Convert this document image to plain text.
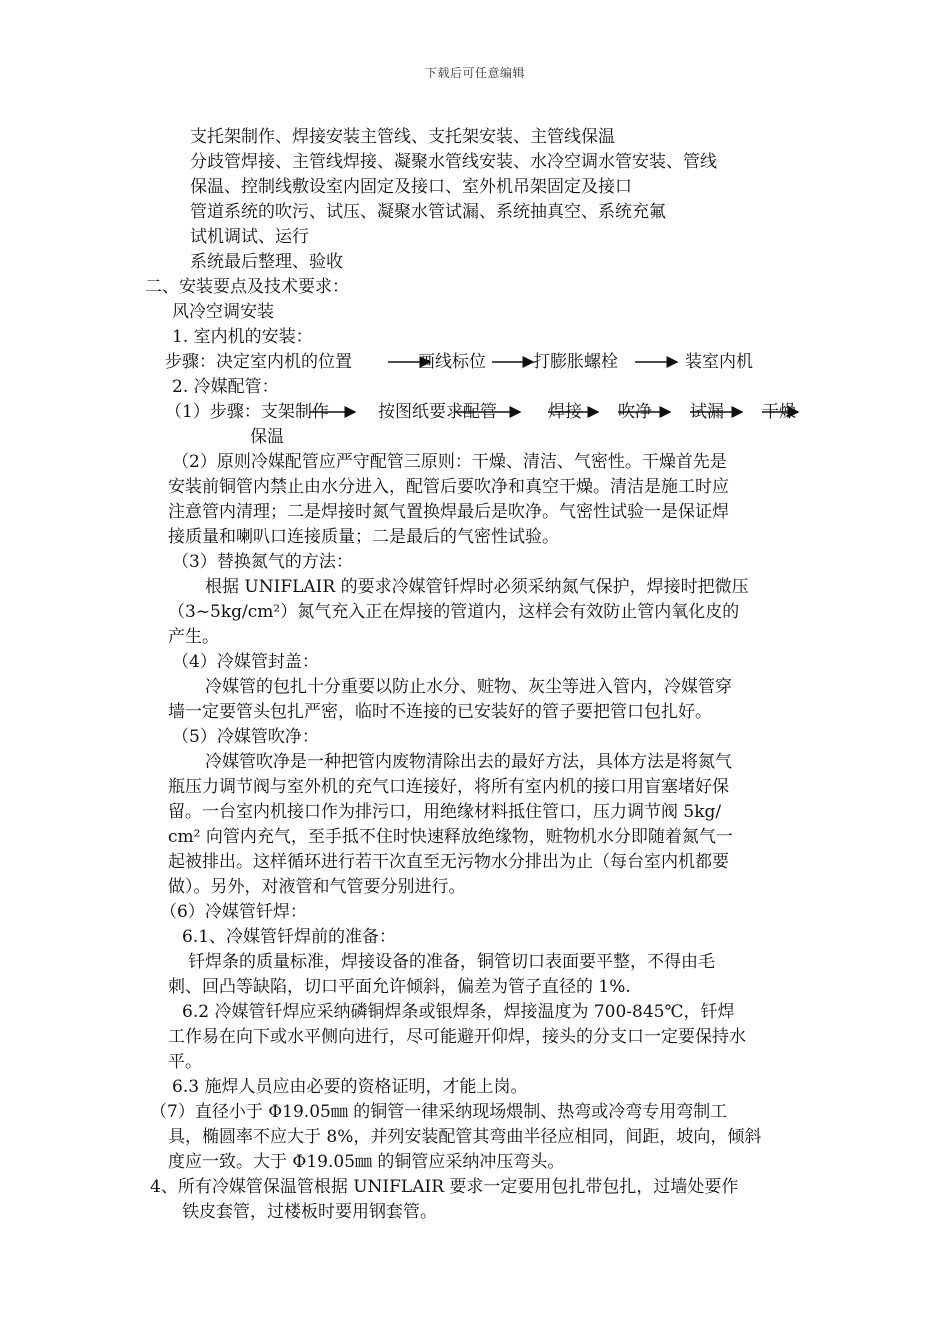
下载后可任意编辑
支托架制作、焊接安装主管线、支托架安装、主管线保温
分歧管焊接、主管线焊接、凝聚水管线安装、水冷空调水管安装、管线
保温、控制线敷设室内固定及接口、室外机吊架固定及接口
管道系统的吹污、试压、凝聚水管试漏、系统抽真空、系统充氟
试机调试、运行
系统最后整理、验收
二、安装要点及技术要求：
风冷空调安装
1. 室内机的安装：
步骤：决定室内机的位置	画线标位	打膨胀螺栓	装室内机
2. 冷媒配管：
（1）步骤：支架制作	按图纸要求配管	焊接 吹净 试漏 干燥
保温
（2）原则冷媒配管应严守配管三原则：干燥、清洁、气密性。干燥首先是
安装前铜管内禁止由水分进入，配管后要吹净和真空干燥。清洁是施工时应
注意管内清理；二是焊接时氮气置换焊最后是吹净。气密性试验一是保证焊
接质量和喇叭口连接质量；二是最后的气密性试验。
（3）替换氮气的方法：
根据 UNIFLAIR 的要求冷媒管钎焊时必须采纳氮气保护，焊接时把微压
（3~5kg/cm²）氮气充入正在焊接的管道内，这样会有效防止管内氧化皮的
产生。
（4）冷媒管封盖：
冷媒管的包扎十分重要以防止水分、赃物、灰尘等进入管内，冷媒管穿
墙一定要管头包扎严密，临时不连接的已安装好的管子要把管口包扎好。
（5）冷媒管吹净：
冷媒管吹净是一种把管内废物清除出去的最好方法，具体方法是将氮气
瓶压力调节阀与室外机的充气口连接好，将所有室内机的接口用盲塞堵好保
留。一台室内机接口作为排污口，用绝缘材料抵住管口，压力调节阀 5kg/
cm² 向管内充气，至手抵不住时快速释放绝缘物，赃物机水分即随着氮气一
起被排出。这样循环进行若干次直至无污物水分排出为止（每台室内机都要
做）。另外，对液管和气管要分别进行。
（6）冷媒管钎焊：
6.1、冷媒管钎焊前的准备：
钎焊条的质量标准，焊接设备的准备，铜管切口表面要平整，不得由毛
刺、回凸等缺陷，切口平面允许倾斜，偏差为管子直径的 1%.
6.2 冷媒管钎焊应采纳磷铜焊条或银焊条，焊接温度为 700-845℃，钎焊
工作易在向下或水平侧向进行，尽可能避开仰焊，接头的分支口一定要保持水
平。
6.3 施焊人员应由必要的资格证明，才能上岗。
（7）直径小于 Φ19.05㎜ 的铜管一律采纳现场煨制、热弯或冷弯专用弯制工
具，椭圆率不应大于 8%，并列安装配管其弯曲半径应相同，间距，坡向，倾斜
度应一致。大于 Φ19.05㎜ 的铜管应采纳冲压弯头。
4、所有冷媒管保温管根据 UNIFLAIR 要求一定要用包扎带包扎，过墙处要作
铁皮套管，过楼板时要用钢套管。
